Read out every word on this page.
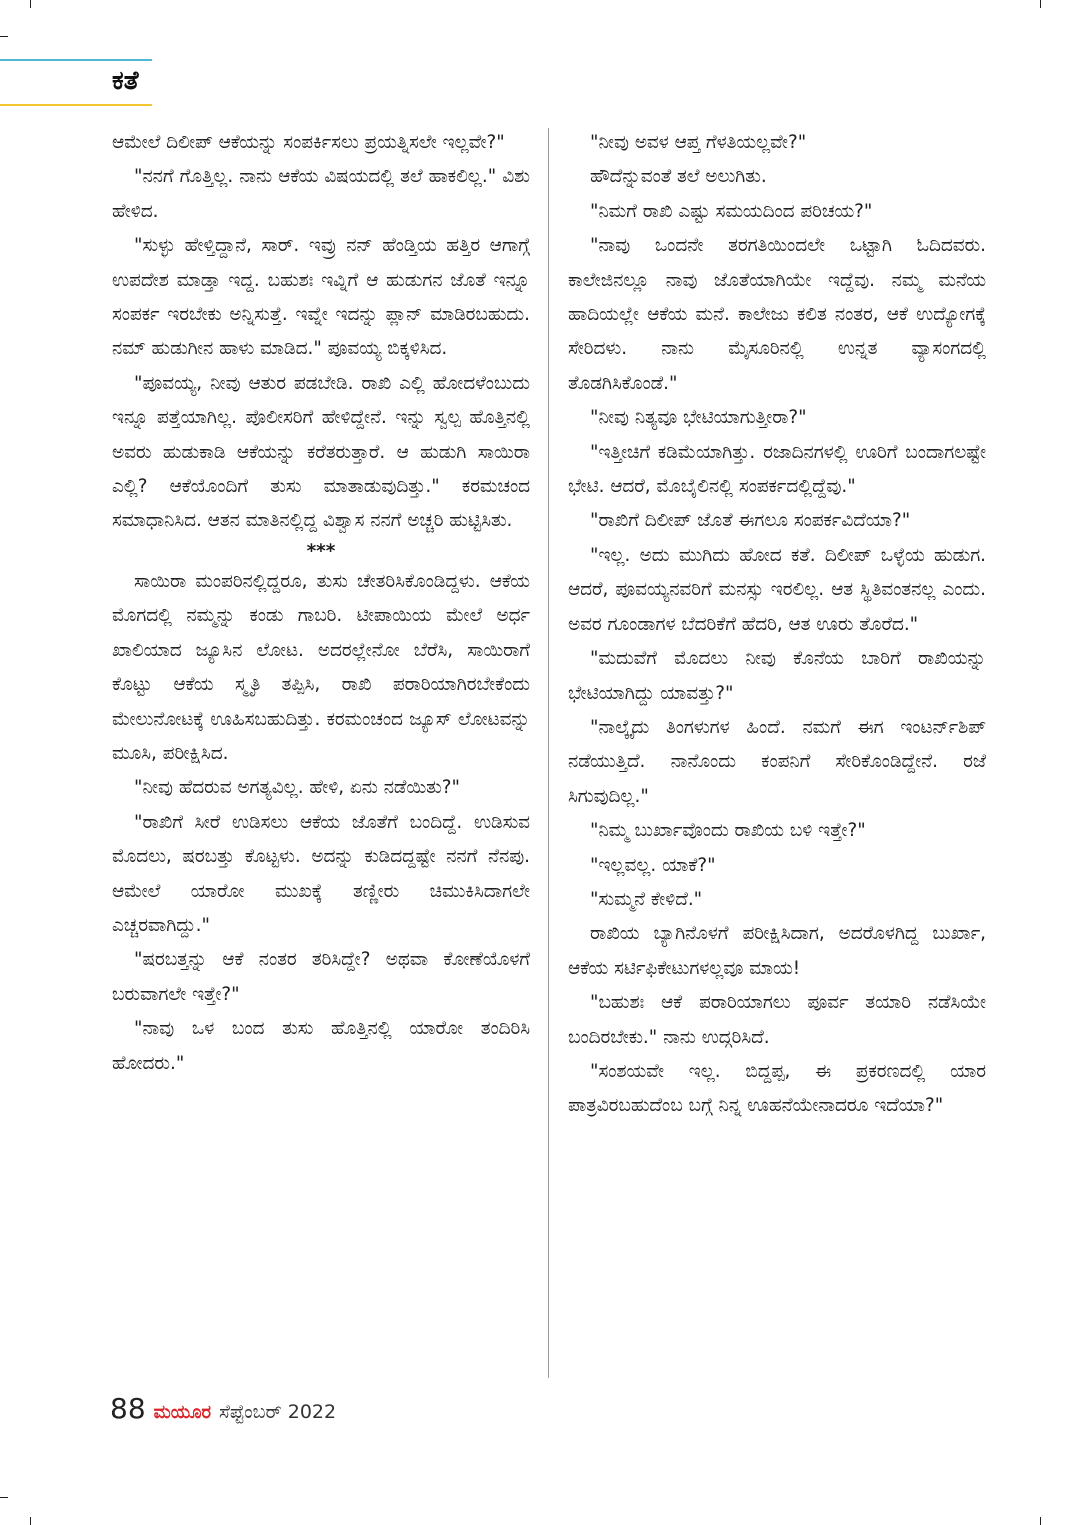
ಕತೆ

ಆಮೇಲೆ ದಿಲೀಪ್ ಆಕೆಯನ್ನು ಸಂಪರ್ಕಿಸಲು ಪ್ರಯತ್ನಿಸಲೇ ಇಲ್ಲವೇ?"

"ನನಗೆ ಗೊತ್ತಿಲ್ಲ. ನಾನು ಆಕೆಯ ವಿಷಯದಲ್ಲಿ ತಲೆ ಹಾಕಲಿಲ್ಲ." ವಿಶು ಹೇಳಿದ.

"ಸುಳ್ಳು ಹೇಳ್ತಿದ್ದಾನೆ, ಸಾರ್. ಇವ್ರು ನನ್ ಹೆಂಡ್ತಿಯ ಹತ್ತಿರ ಆಗಾಗ್ಗೆ ಉಪದೇಶ ಮಾಡ್ತಾ ಇದ್ದ. ಬಹುಶಃ ಇವ್ನಿಗೆ ಆ ಹುಡುಗನ ಜೊತೆ ಇನ್ನೂ ಸಂಪರ್ಕ ಇರಬೇಕು ಅನ್ನಿಸುತ್ತೆ. ಇವ್ನೇ ಇದನ್ನು ಪ್ಲಾನ್ ಮಾಡಿರಬಹುದು. ನಮ್ ಹುಡುಗೀನ ಹಾಳು ಮಾಡಿದ." ಪೂವಯ್ಯ ಬಿಕ್ಕಳಿಸಿದ.

"ಪೂವಯ್ಯ, ನೀವು ಆತುರ ಪಡಬೇಡಿ. ರಾಖಿ ಎಲ್ಲಿ ಹೋದಳೆಂಬುದು ಇನ್ನೂ ಪತ್ತೆಯಾಗಿಲ್ಲ. ಪೊಲೀಸರಿಗೆ ಹೇಳಿದ್ದೇನೆ. ಇನ್ನು ಸ್ವಲ್ಪ ಹೊತ್ತಿನಲ್ಲಿ ಅವರು ಹುಡುಕಾಡಿ ಆಕೆಯನ್ನು ಕರೆತರುತ್ತಾರೆ. ಆ ಹುಡುಗಿ ಸಾಯಿರಾ ಎಲ್ಲಿ? ಆಕೆಯೊಂದಿಗೆ ತುಸು ಮಾತಾಡುವುದಿತ್ತು." ಕರಮಚಂದ ಸಮಾಧಾನಿಸಿದ. ಆತನ ಮಾತಿನಲ್ಲಿದ್ದ ವಿಶ್ವಾಸ ನನಗೆ ಅಚ್ಚರಿ ಹುಟ್ಟಿಸಿತು.

***

ಸಾಯಿರಾ ಮಂಪರಿನಲ್ಲಿದ್ದರೂ, ತುಸು ಚೇತರಿಸಿಕೊಂಡಿದ್ದಳು. ಆಕೆಯ ಮೊಗದಲ್ಲಿ ನಮ್ಮನ್ನು ಕಂಡು ಗಾಬರಿ. ಟೀಪಾಯಿಯ ಮೇಲೆ ಅರ್ಧ ಖಾಲಿಯಾದ ಜ್ಯೂಸಿನ ಲೋಟ. ಅದರಲ್ಲೇನೋ ಬೆರೆಸಿ, ಸಾಯಿರಾಗೆ ಕೊಟ್ಟು ಆಕೆಯ ಸ್ಮೃತಿ ತಪ್ಪಿಸಿ, ರಾಖಿ ಪರಾರಿಯಾಗಿರಬೇಕೆಂದು ಮೇಲುನೋಟಕ್ಕೆ ಊಹಿಸಬಹುದಿತ್ತು. ಕರಮಂಚಂದ ಜ್ಯೂಸ್ ಲೋಟವನ್ನು ಮೂಸಿ, ಪರೀಕ್ಷಿಸಿದ.

"ನೀವು ಹೆದರುವ ಅಗತ್ಯವಿಲ್ಲ. ಹೇಳಿ, ಏನು ನಡೆಯಿತು?"

"ರಾಖಿಗೆ ಸೀರೆ ಉಡಿಸಲು ಆಕೆಯ ಜೊತೆಗೆ ಬಂದಿದ್ದೆ. ಉಡಿಸುವ ಮೊದಲು, ಷರಬತ್ತು ಕೊಟ್ಟಳು. ಅದನ್ನು ಕುಡಿದದ್ದಷ್ಟೇ ನನಗೆ ನೆನಪು. ಆಮೇಲೆ ಯಾರೋ ಮುಖಕ್ಕೆ ತಣ್ಣೀರು ಚಿಮುಕಿಸಿದಾಗಲೇ ಎಚ್ಚರವಾಗಿದ್ದು."

"ಷರಬತ್ತನ್ನು ಆಕೆ ನಂತರ ತರಿಸಿದ್ದೇ? ಅಥವಾ ಕೋಣೆಯೊಳಗೆ ಬರುವಾಗಲೇ ಇತ್ತೇ?"

"ನಾವು ಒಳ ಬಂದ ತುಸು ಹೊತ್ತಿನಲ್ಲಿ ಯಾರೋ ತಂದಿರಿಸಿ ಹೋದರು."

"ನೀವು ಅವಳ ಆಪ್ತ ಗೆಳತಿಯಲ್ಲವೇ?"

ಹೌದೆನ್ನುವಂತೆ ತಲೆ ಅಲುಗಿತು.

"ನಿಮಗೆ ರಾಖಿ ಎಷ್ಟು ಸಮಯದಿಂದ ಪರಿಚಯ?"

"ನಾವು ಒಂದನೇ ತರಗತಿಯಿಂದಲೇ ಒಟ್ಟಾಗಿ ಓದಿದವರು. ಕಾಲೇಜಿನಲ್ಲೂ ನಾವು ಜೊತೆಯಾಗಿಯೇ ಇದ್ದೆವು. ನಮ್ಮ ಮನೆಯ ಹಾದಿಯಲ್ಲೇ ಆಕೆಯ ಮನೆ. ಕಾಲೇಜು ಕಲಿತ ನಂತರ, ಆಕೆ ಉದ್ಯೋಗಕ್ಕೆ ಸೇರಿದಳು. ನಾನು ಮೈಸೂರಿನಲ್ಲಿ ಉನ್ನತ ವ್ಯಾಸಂಗದಲ್ಲಿ ತೊಡಗಿಸಿಕೊಂಡೆ."

"ನೀವು ನಿತ್ಯವೂ ಭೇಟಿಯಾಗುತ್ತೀರಾ?"

"ಇತ್ತೀಚಿಗೆ ಕಡಿಮೆಯಾಗಿತ್ತು. ರಜಾದಿನಗಳಲ್ಲಿ ಊರಿಗೆ ಬಂದಾಗಲಷ್ಟೇ ಭೇಟಿ. ಆದರೆ, ಮೊಬೈಲಿನಲ್ಲಿ ಸಂಪರ್ಕದಲ್ಲಿದ್ದೆವು."

"ರಾಖಿಗೆ ದಿಲೀಪ್ ಜೊತೆ ಈಗಲೂ ಸಂಪರ್ಕವಿದೆಯಾ?"

"ಇಲ್ಲ. ಅದು ಮುಗಿದು ಹೋದ ಕತೆ. ದಿಲೀಪ್ ಒಳ್ಳೆಯ ಹುಡುಗ. ಆದರೆ, ಪೂವಯ್ಯನವರಿಗೆ ಮನಸ್ಸು ಇರಲಿಲ್ಲ. ಆತ ಸ್ಥಿತಿವಂತನಲ್ಲ ಎಂದು. ಅವರ ಗೂಂಡಾಗಳ ಬೆದರಿಕೆಗೆ ಹೆದರಿ, ಆತ ಊರು ತೊರೆದ."

"ಮದುವೆಗೆ ಮೊದಲು ನೀವು ಕೊನೆಯ ಬಾರಿಗೆ ರಾಖಿಯನ್ನು ಭೇಟಿಯಾಗಿದ್ದು ಯಾವತ್ತು?"

"ನಾಲ್ಕೈದು ತಿಂಗಳುಗಳ ಹಿಂದೆ. ನಮಗೆ ಈಗ ಇಂಟರ್ನ್‌ಶಿಪ್ ನಡೆಯುತ್ತಿದೆ. ನಾನೊಂದು ಕಂಪನಿಗೆ ಸೇರಿಕೊಂಡಿದ್ದೇನೆ. ರಜೆ ಸಿಗುವುದಿಲ್ಲ."

"ನಿಮ್ಮ ಬುರ್ಖಾವೊಂದು ರಾಖಿಯ ಬಳಿ ಇತ್ತೇ?"

"ಇಲ್ಲವಲ್ಲ. ಯಾಕೆ?"

"ಸುಮ್ಮನೆ ಕೇಳಿದೆ."

ರಾಖಿಯ ಬ್ಯಾಗಿನೊಳಗೆ ಪರೀಕ್ಷಿಸಿದಾಗ, ಅದರೊಳಗಿದ್ದ ಬುರ್ಖಾ, ಆಕೆಯ ಸರ್ಟಿಫಿಕೇಟುಗಳಲ್ಲವೂ ಮಾಯ!

"ಬಹುಶಃ ಆಕೆ ಪರಾರಿಯಾಗಲು ಪೂರ್ವ ತಯಾರಿ ನಡೆಸಿಯೇ ಬಂದಿರಬೇಕು." ನಾನು ಉದ್ಗರಿಸಿದೆ.

"ಸಂಶಯವೇ ಇಲ್ಲ. ಬಿದ್ದಪ್ಪ, ಈ ಪ್ರಕರಣದಲ್ಲಿ ಯಾರ ಪಾತ್ರವಿರಬಹುದೆಂಬ ಬಗ್ಗೆ ನಿನ್ನ ಊಹನೆಯೇನಾದರೂ ಇದೆಯಾ?"

88 ಮಯೂರ ಸೆಪ್ಟೆಂಬರ್ 2022
